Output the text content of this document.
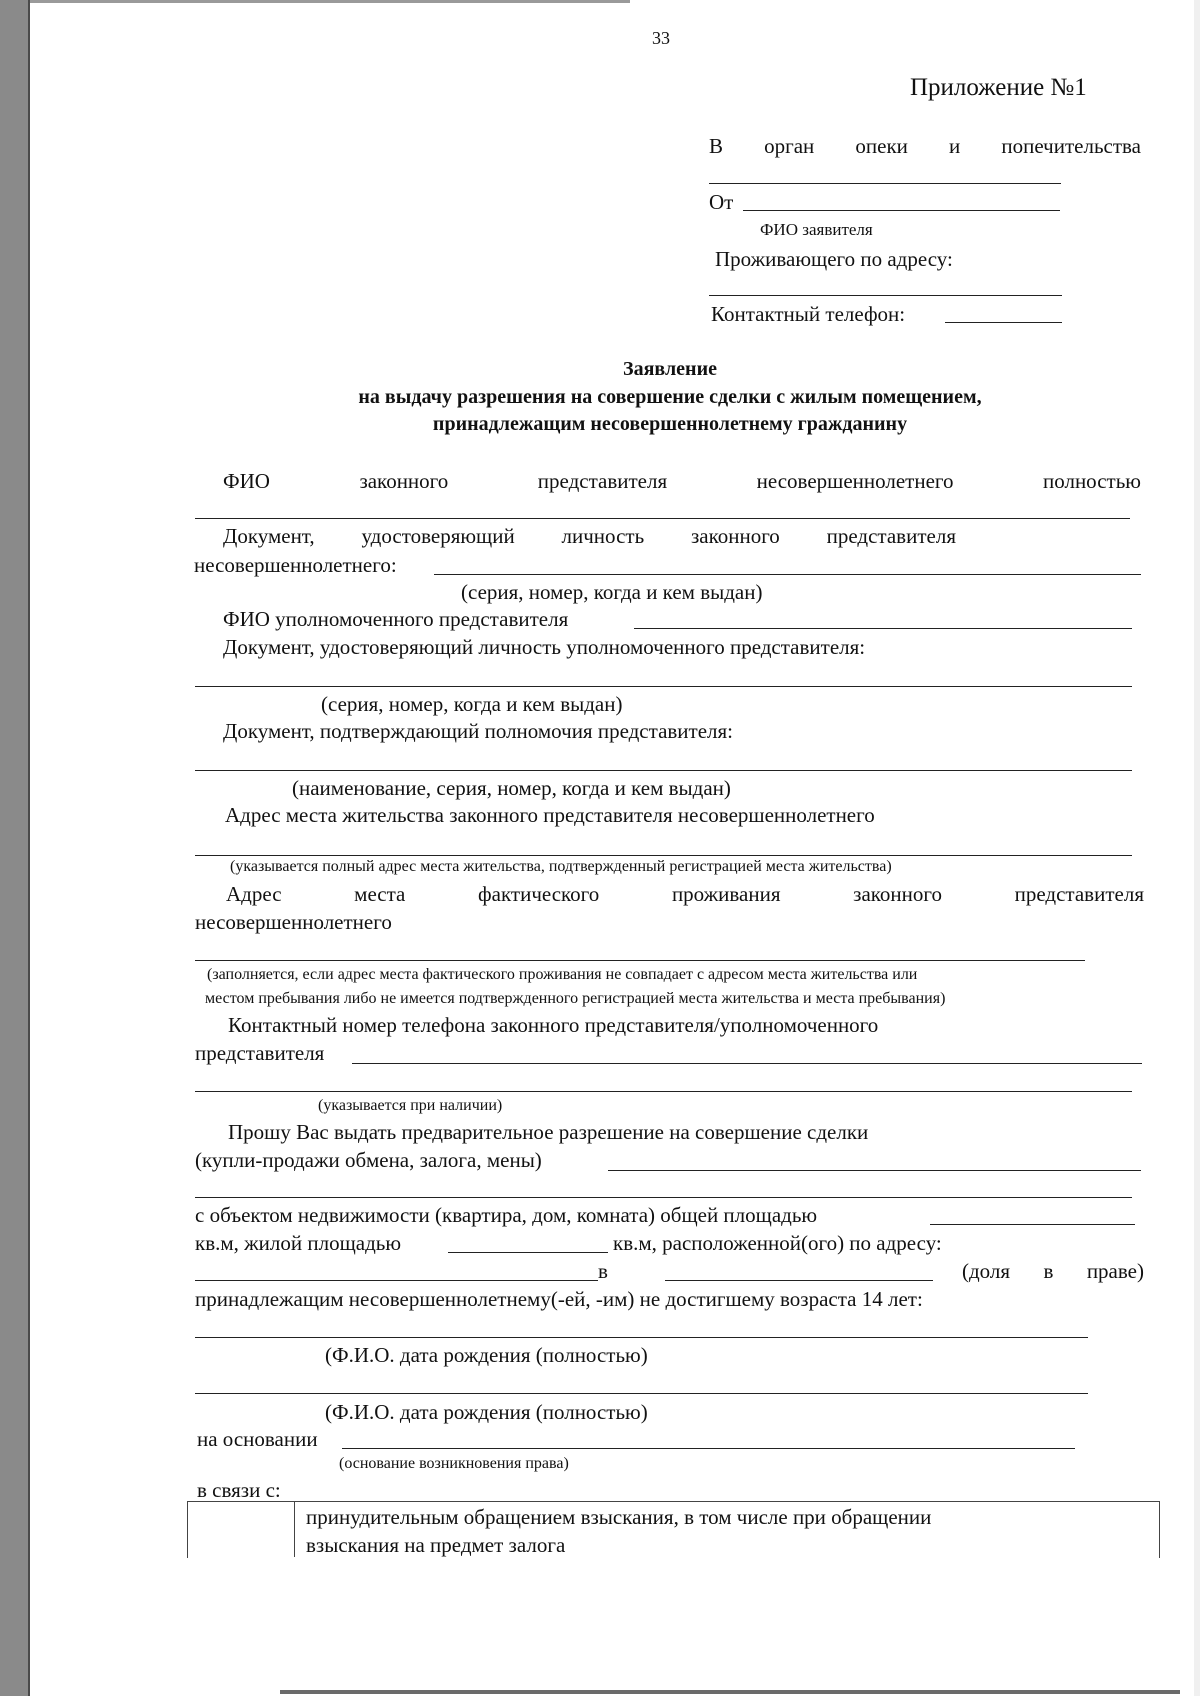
33
Приложение №1
В орган опеки и попечительства
От
ФИО заявителя
Проживающего по адресу:
Контактный телефон:
Заявление
на выдачу разрешения на совершение сделки с жилым помещением,
принадлежащим несовершеннолетнему гражданину
ФИО	законного	представителя	несовершеннолетнего	полностью
Документ, удостоверяющий личность законного представителя
несовершеннолетнего:
(серия, номер, когда и кем выдан)
ФИО уполномоченного представителя
Документ, удостоверяющий личность уполномоченного представителя:
(серия, номер, когда и кем выдан)
Документ, подтверждающий полномочия представителя:
(наименование, серия, номер, когда и кем выдан)
Адрес места жительства законного представителя несовершеннолетнего
(указывается полный адрес места жительства, подтвержденный регистрацией места жительства)
Адрес	места	фактического	проживания	законного	представителя
несовершеннолетнего
(заполняется, если адрес места фактического проживания не совпадает с адресом места жительства или
местом пребывания либо не имеется подтвержденного регистрацией места жительства и места пребывания)
Контактный номер телефона законного представителя/уполномоченного
представителя
(указывается при наличии)
Прошу Вас выдать предварительное разрешение на совершение сделки
(купли-продажи обмена, залога, мены)
с объектом недвижимости (квартира, дом, комната) общей площадью
кв.м, жилой площадью	кв.м, расположенной(ого) по адресу:
в	(доля в праве)
принадлежащим несовершеннолетнему(-ей, -им) не достигшему возраста 14 лет:
(Ф.И.О. дата рождения (полностью)
(Ф.И.О. дата рождения (полностью)
на основании
(основание возникновения права)
в связи с:
принудительным обращением взыскания, в том числе при обращении
взыскания на предмет залога
